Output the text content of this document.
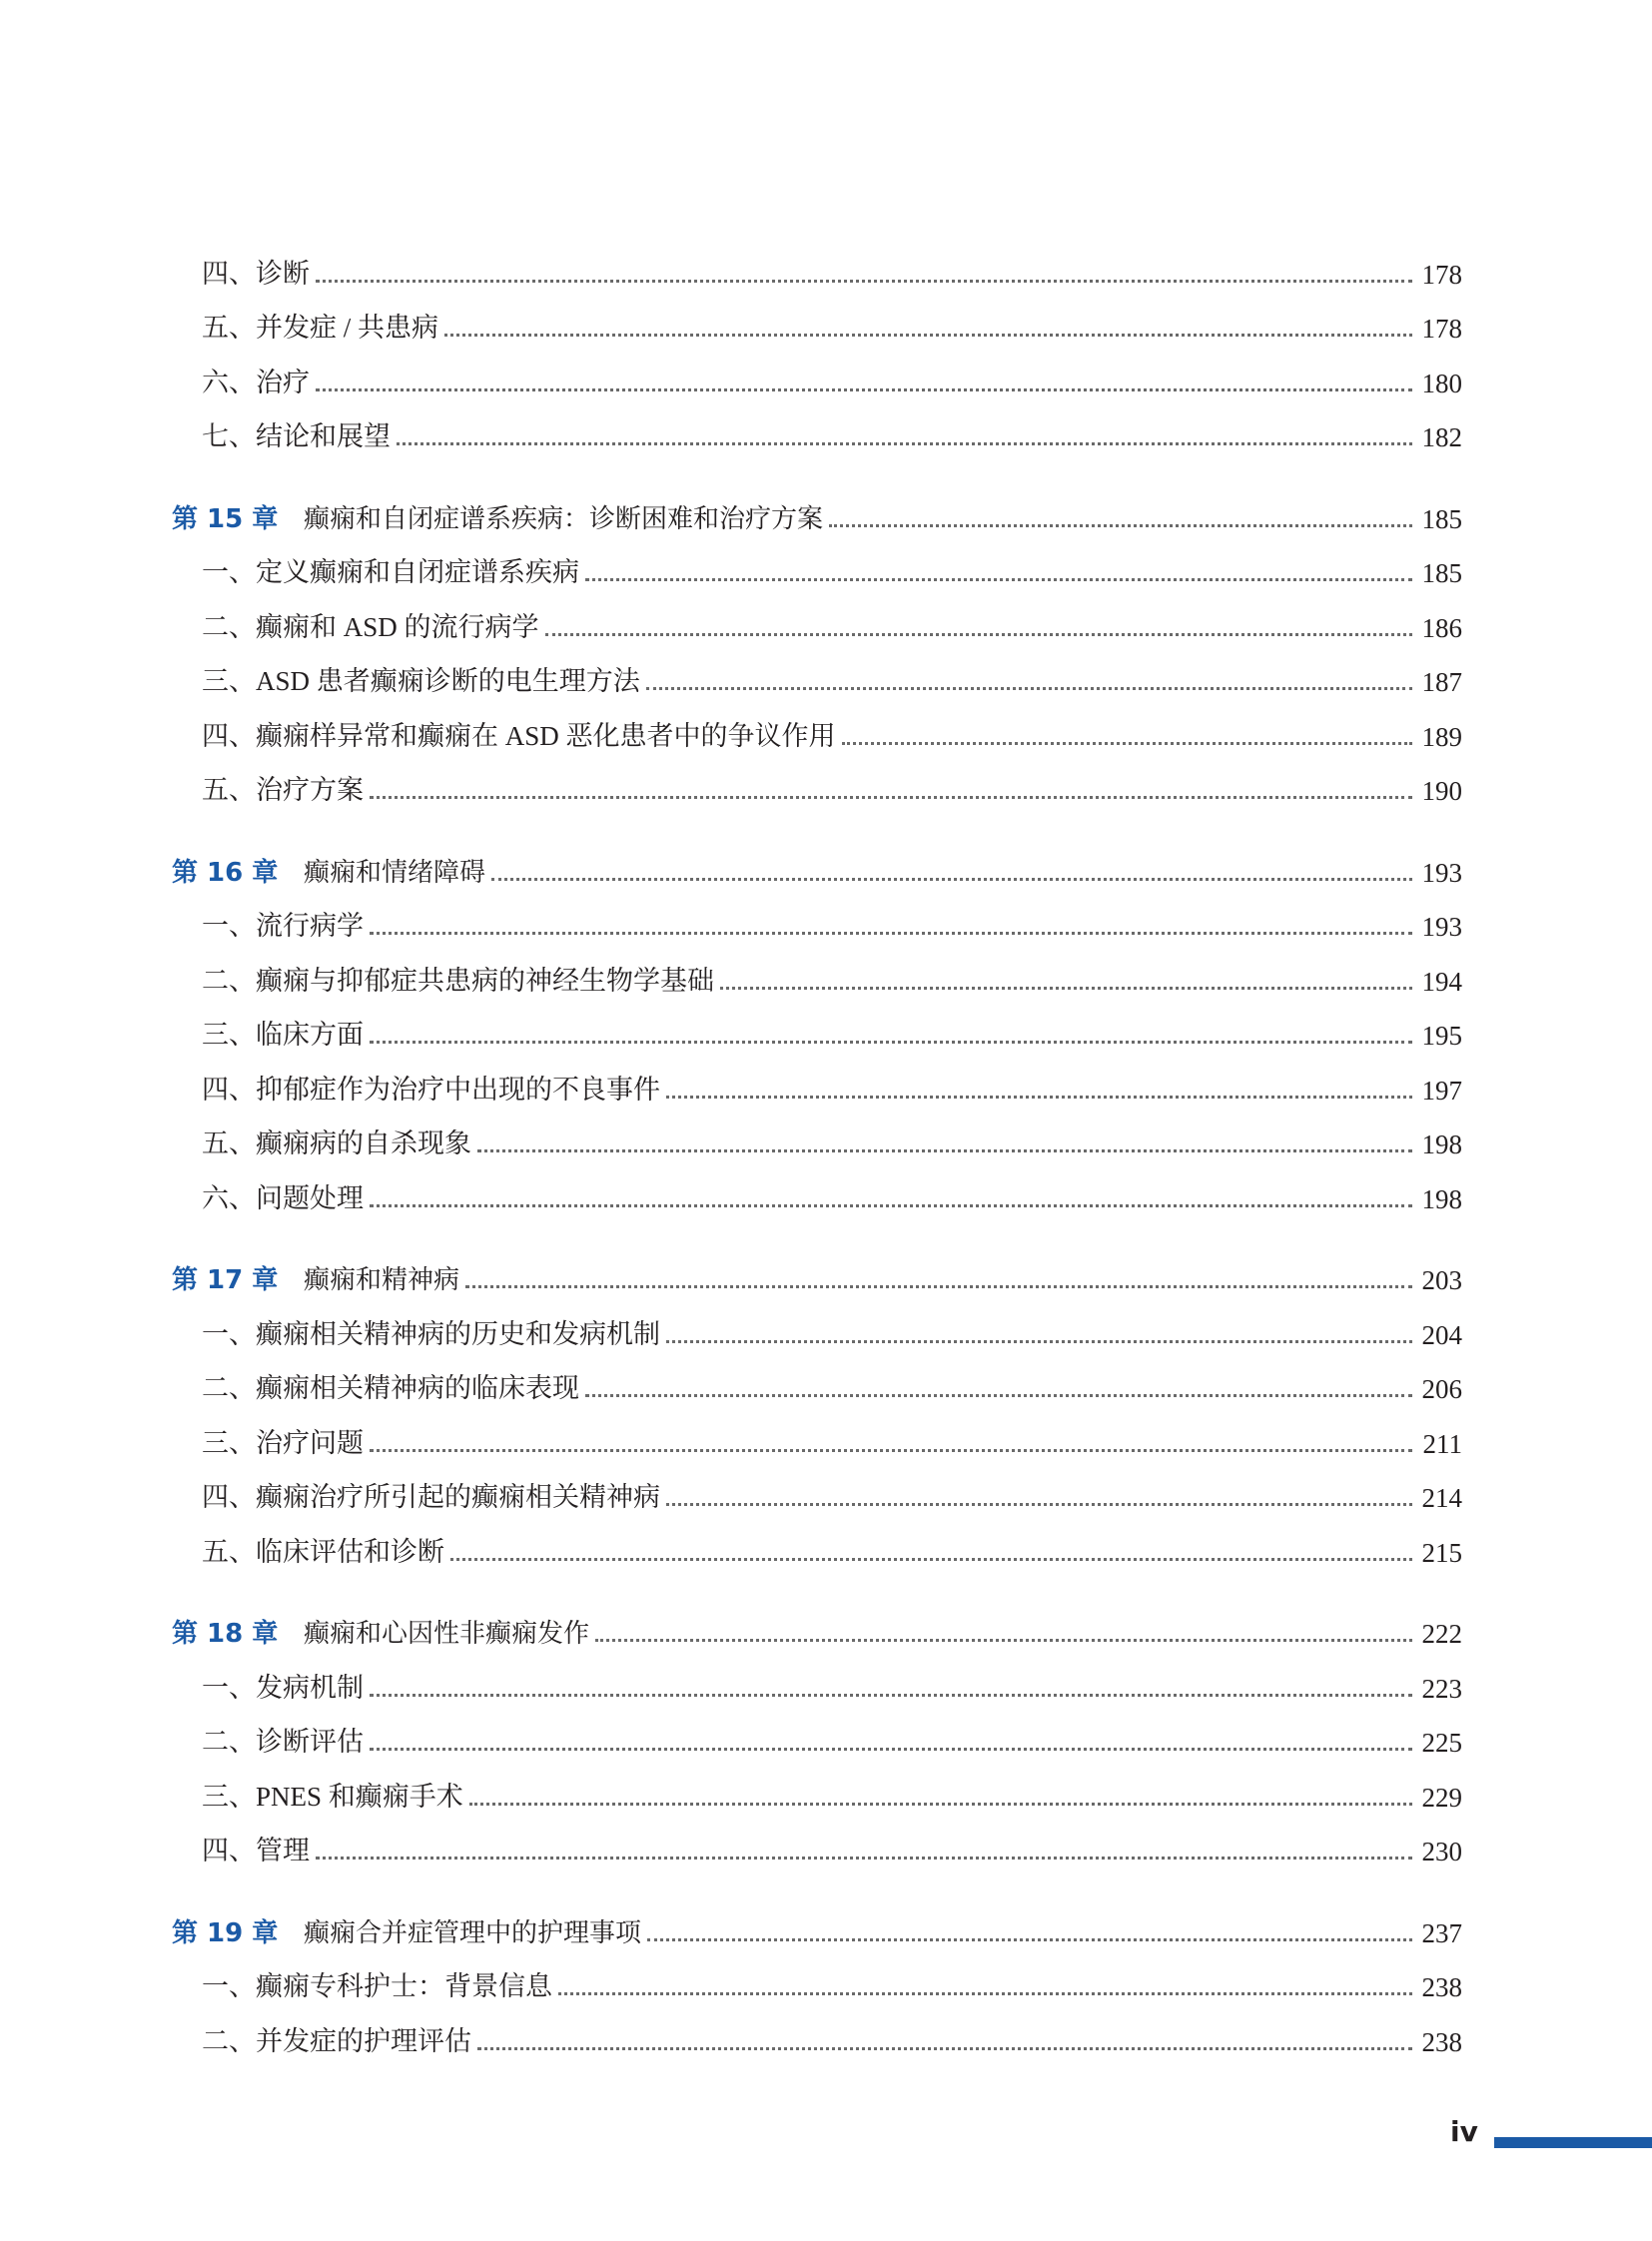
四、诊断	178
五、并发症 / 共患病	178
六、治疗	180
七、结论和展望	182
第 15 章 癫痫和自闭症谱系疾病：诊断困难和治疗方案	185
一、定义癫痫和自闭症谱系疾病	185
二、癫痫和 ASD 的流行病学	186
三、ASD 患者癫痫诊断的电生理方法	187
四、癫痫样异常和癫痫在 ASD 恶化患者中的争议作用	189
五、治疗方案	190
第 16 章 癫痫和情绪障碍	193
一、流行病学	193
二、癫痫与抑郁症共患病的神经生物学基础	194
三、临床方面	195
四、抑郁症作为治疗中出现的不良事件	197
五、癫痫病的自杀现象	198
六、问题处理	198
第 17 章 癫痫和精神病	203
一、癫痫相关精神病的历史和发病机制	204
二、癫痫相关精神病的临床表现	206
三、治疗问题	211
四、癫痫治疗所引起的癫痫相关精神病	214
五、临床评估和诊断	215
第 18 章 癫痫和心因性非癫痫发作	222
一、发病机制	223
二、诊断评估	225
三、PNES 和癫痫手术	229
四、管理	230
第 19 章 癫痫合并症管理中的护理事项	237
一、癫痫专科护士：背景信息	238
二、并发症的护理评估	238
iv
